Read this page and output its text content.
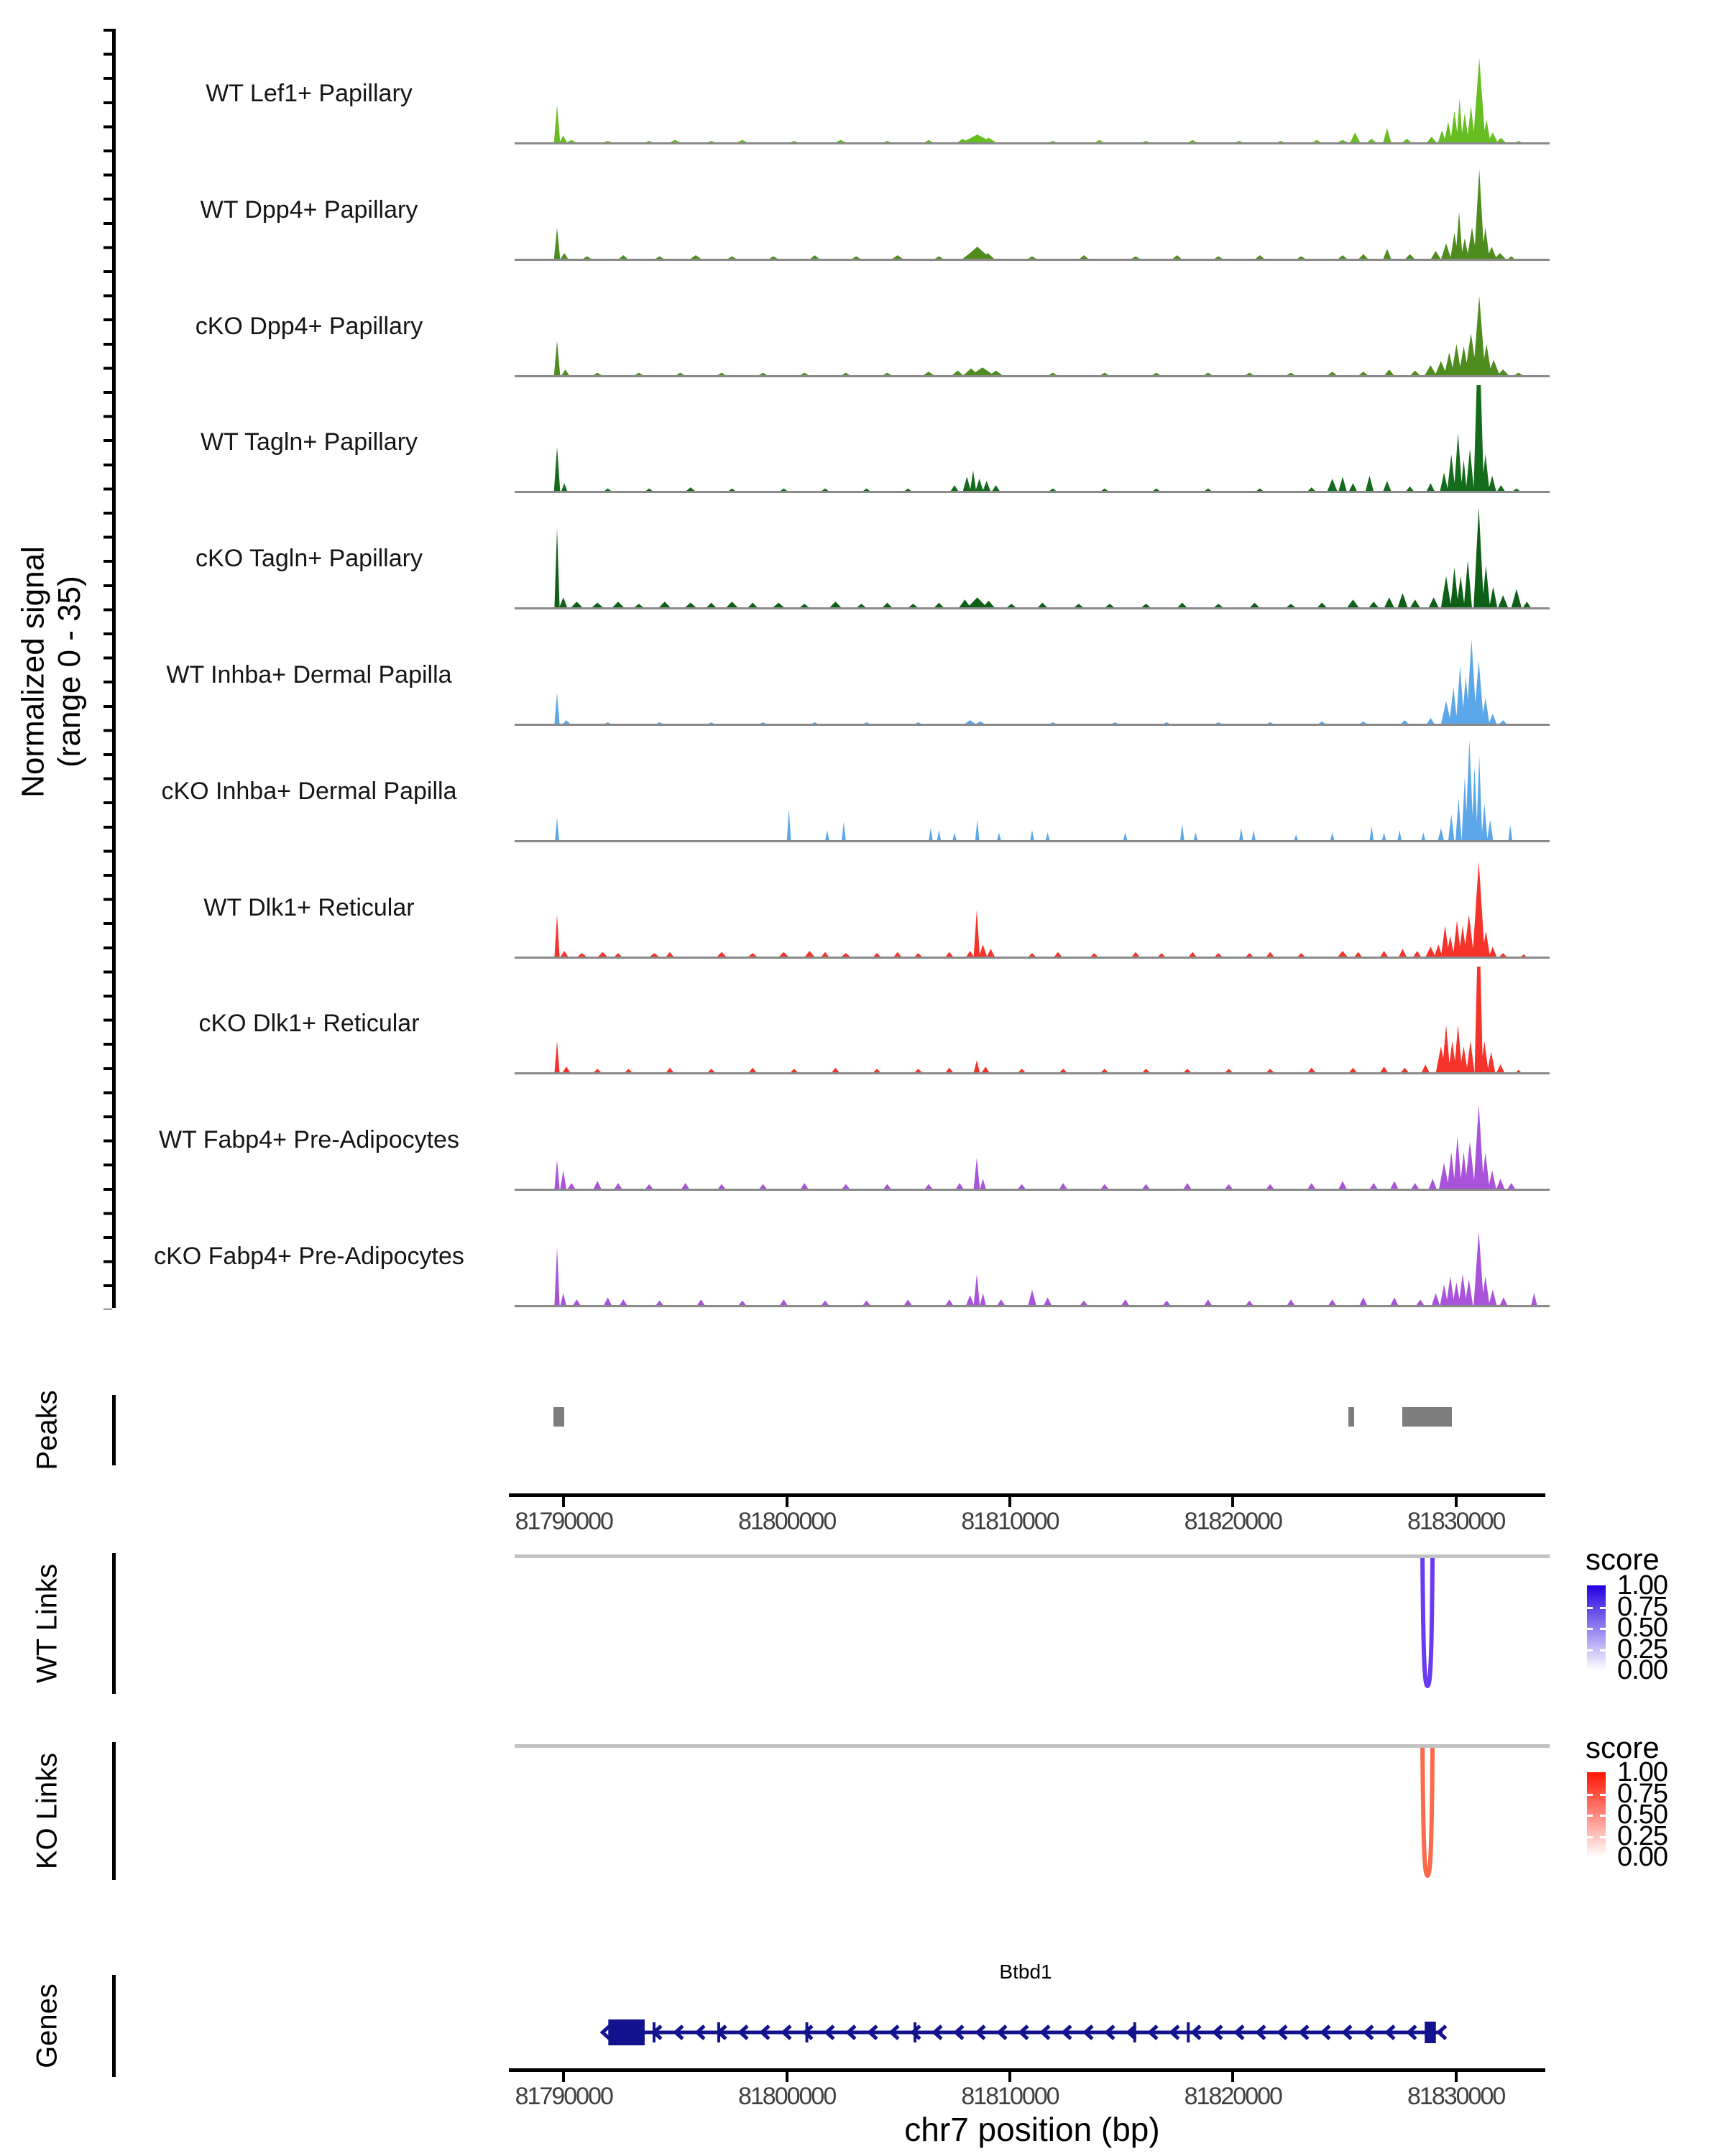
Normalized signal (range 0 - 35)
WT Lef1+ Papillary
WT Dpp4+ Papillary
cKO Dpp4+ Papillary
WT Tagln+ Papillary
cKO Tagln+ Papillary
WT Inhba+ Dermal Papilla
cKO Inhba+ Dermal Papilla
WT Dlk1+ Reticular
cKO Dlk1+ Reticular
WT Fabp4+ Pre-Adipocytes
cKO Fabp4+ Pre-Adipocytes
Peaks
81790000	81800000	81810000	81820000	81830000
WT Links
score
1.00
0.75
0.50
0.25
0.00
KO Links
score
1.00
0.75
0.50
0.25
0.00
Genes
Btbd1
81790000	81800000	81810000	81820000	81830000
chr7 position (bp)
